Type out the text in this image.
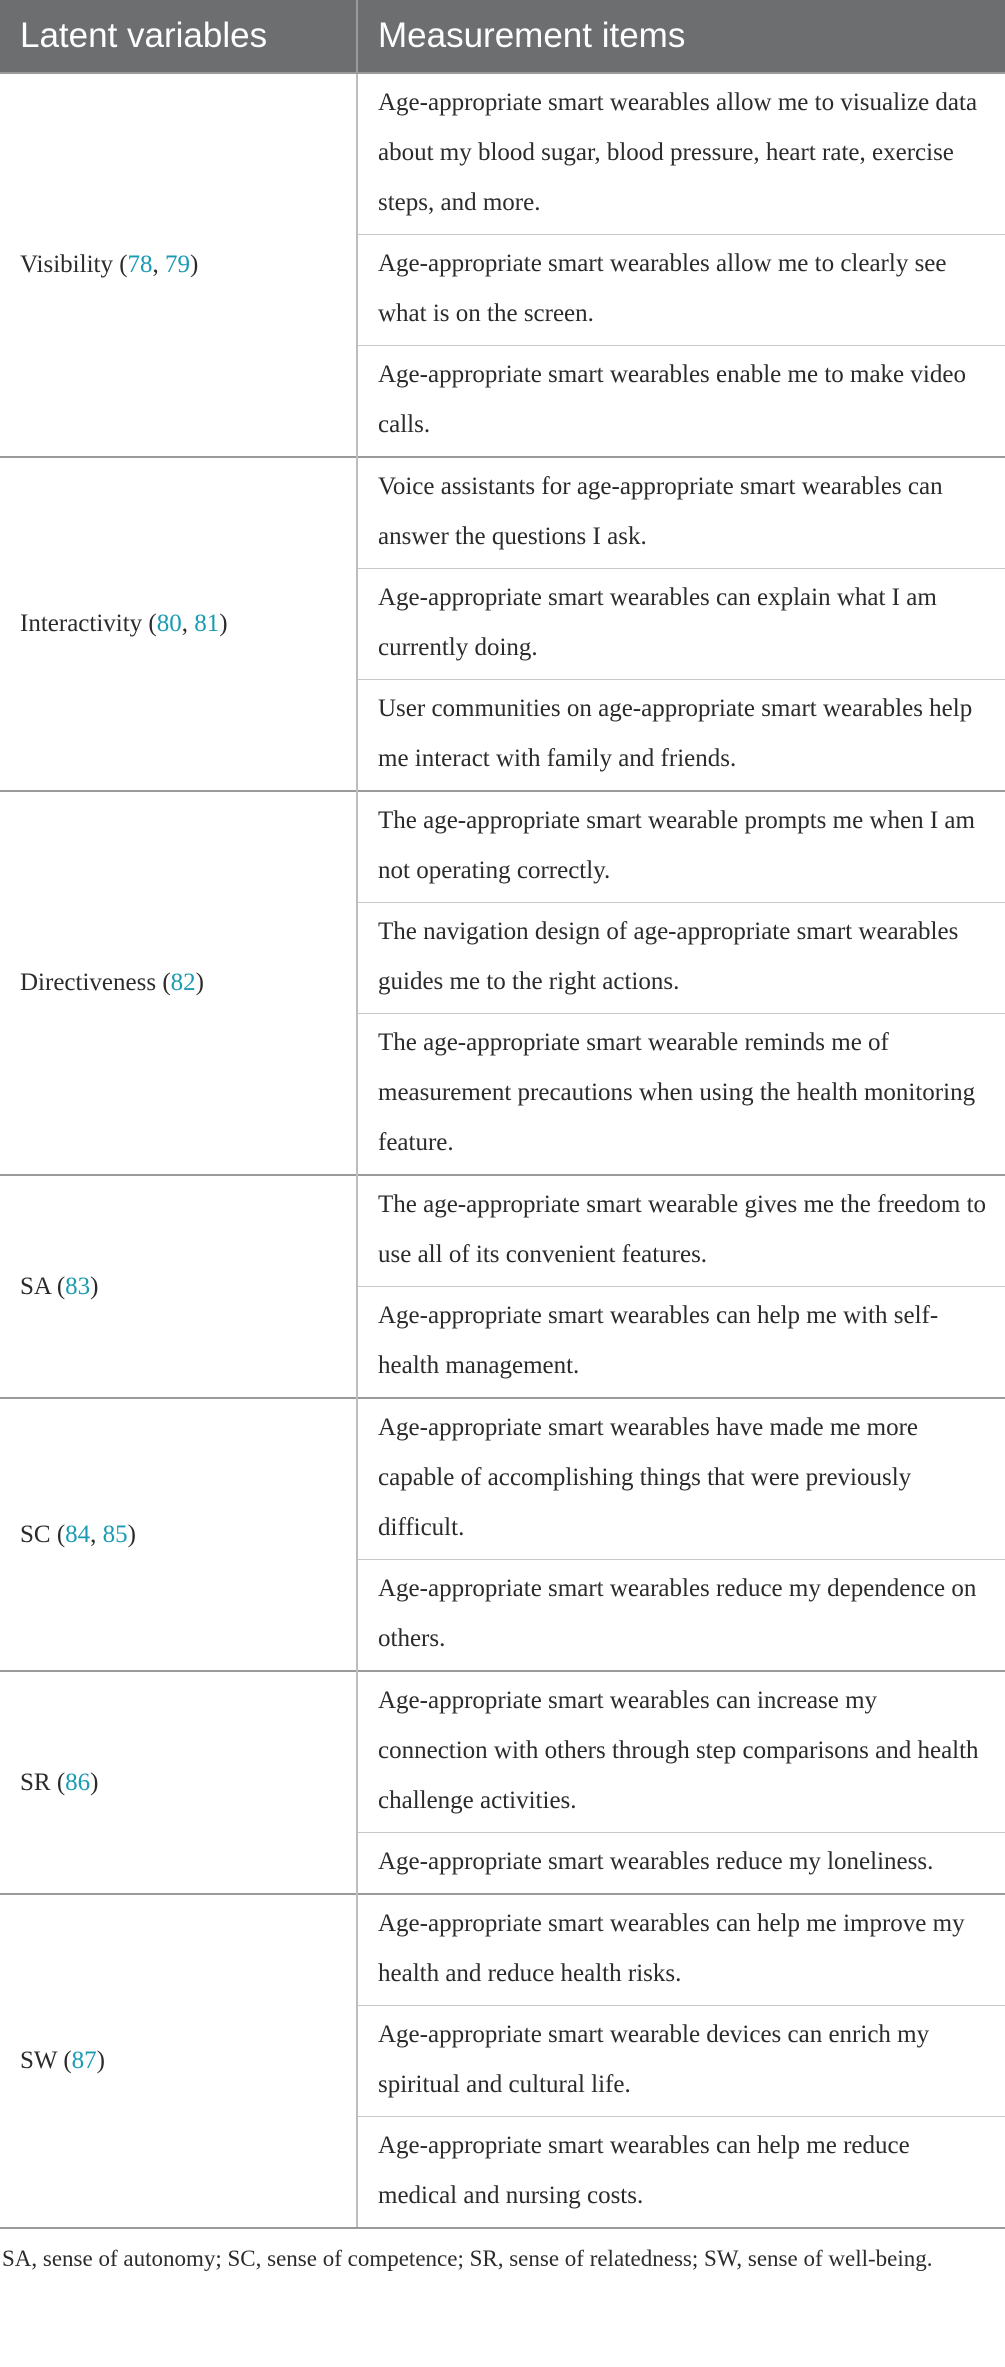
Latent variables	Measurement items
Visibility (78, 79)	Age-appropriate smart wearables allow me to visualize data about my blood sugar, blood pressure, heart rate, exercise steps, and more.
	Age-appropriate smart wearables allow me to clearly see what is on the screen.
	Age-appropriate smart wearables enable me to make video calls.
Interactivity (80, 81)	Voice assistants for age-appropriate smart wearables can answer the questions I ask.
	Age-appropriate smart wearables can explain what I am currently doing.
	User communities on age-appropriate smart wearables help me interact with family and friends.
Directiveness (82)	The age-appropriate smart wearable prompts me when I am not operating correctly.
	The navigation design of age-appropriate smart wearables guides me to the right actions.
	The age-appropriate smart wearable reminds me of measurement precautions when using the health monitoring feature.
SA (83)	The age-appropriate smart wearable gives me the freedom to use all of its convenient features.
	Age-appropriate smart wearables can help me with self-health management.
SC (84, 85)	Age-appropriate smart wearables have made me more capable of accomplishing things that were previously difficult.
	Age-appropriate smart wearables reduce my dependence on others.
SR (86)	Age-appropriate smart wearables can increase my connection with others through step comparisons and health challenge activities.
	Age-appropriate smart wearables reduce my loneliness.
SW (87)	Age-appropriate smart wearables can help me improve my health and reduce health risks.
	Age-appropriate smart wearable devices can enrich my spiritual and cultural life.
	Age-appropriate smart wearables can help me reduce medical and nursing costs.
SA, sense of autonomy; SC, sense of competence; SR, sense of relatedness; SW, sense of well-being.
